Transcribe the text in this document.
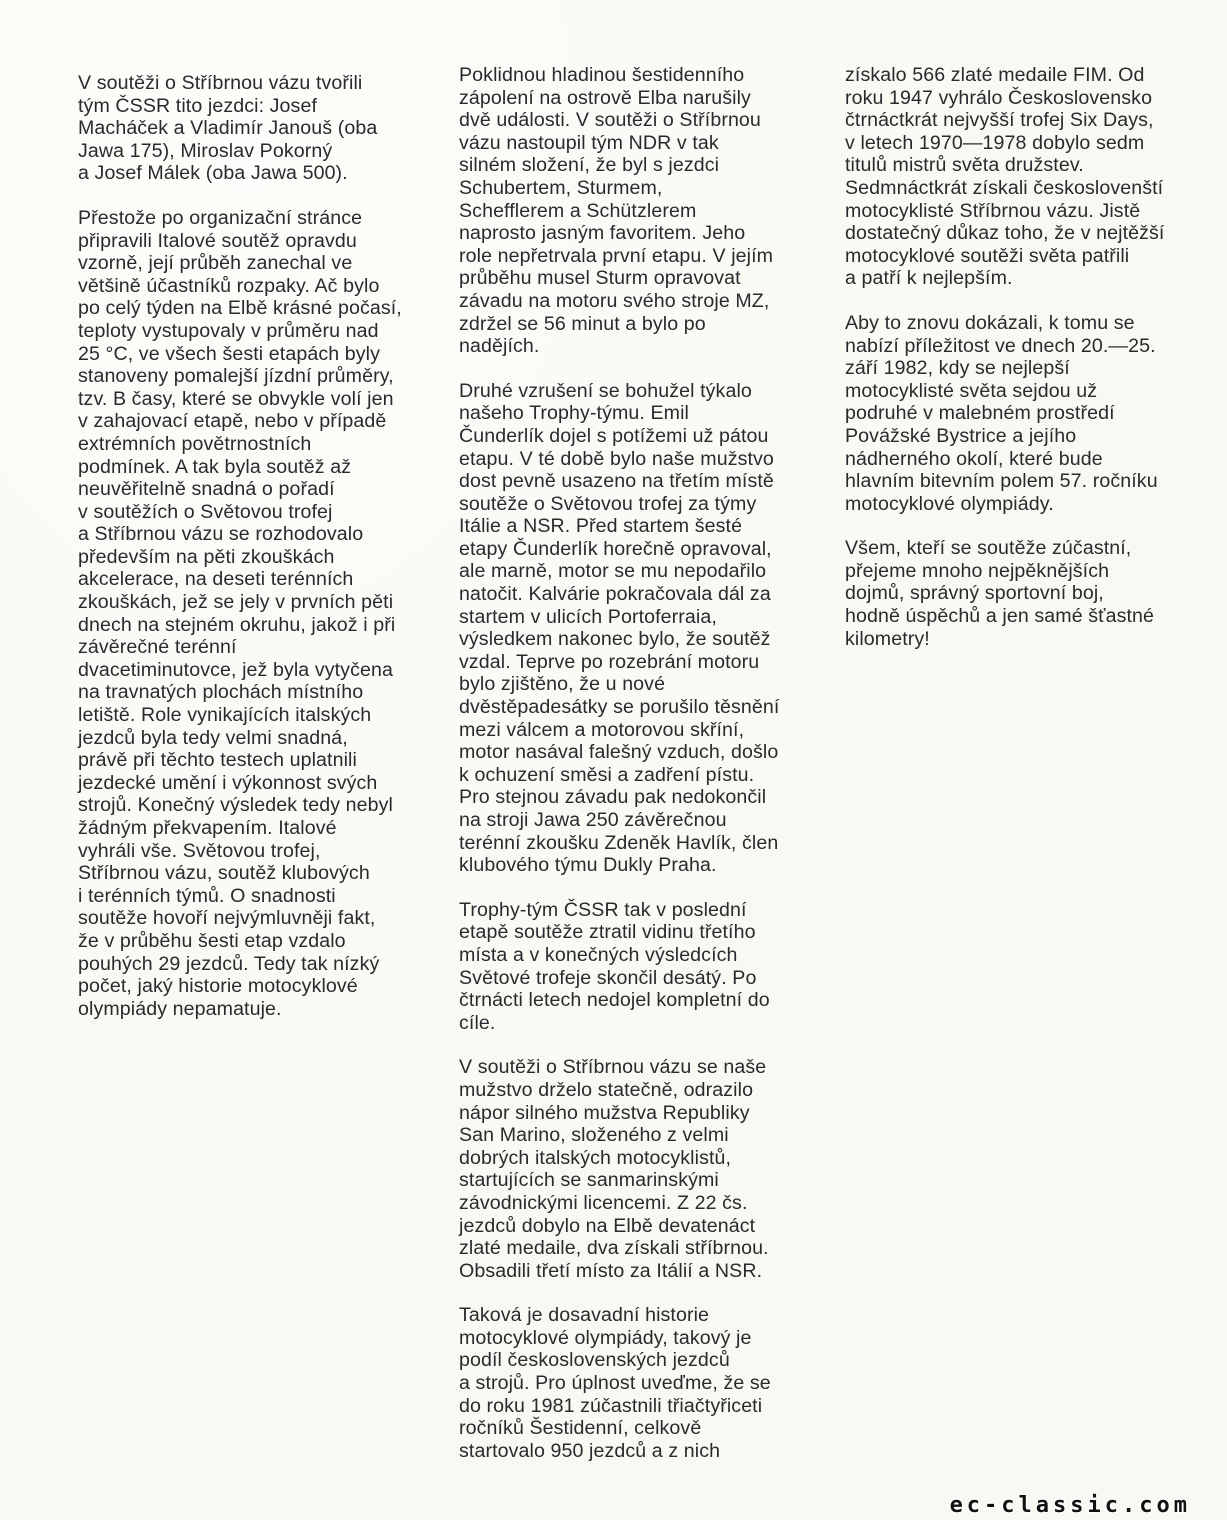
V soutěži o Stříbrnou vázu tvořili
tým ČSSR tito jezdci: Josef
Macháček a Vladimír Janouš (oba
Jawa 175), Miroslav Pokorný
a Josef Málek (oba Jawa 500).

Přestože po organizační stránce
připravili Italové soutěž opravdu
vzorně, její průběh zanechal ve
většině účastníků rozpaky. Ač bylo
po celý týden na Elbě krásné počasí,
teploty vystupovaly v průměru nad
25 °C, ve všech šesti etapách byly
stanoveny pomalejší jízdní průměry,
tzv. B časy, které se obvykle volí jen
v zahajovací etapě, nebo v případě
extrémních povětrnostních
podmínek. A tak byla soutěž až
neuvěřitelně snadná o pořadí
v soutěžích o Světovou trofej
a Stříbrnou vázu se rozhodovalo
především na pěti zkouškách
akcelerace, na deseti terénních
zkouškách, jež se jely v prvních pěti
dnech na stejném okruhu, jakož i při
závěrečné terénní
dvacetiminutovce, jež byla vytyčena
na travnatých plochách místního
letiště. Role vynikajících italských
jezdců byla tedy velmi snadná,
právě při těchto testech uplatnili
jezdecké umění i výkonnost svých
strojů. Konečný výsledek tedy nebyl
žádným překvapením. Italové
vyhráli vše. Světovou trofej,
Stříbrnou vázu, soutěž klubových
i terénních týmů. O snadnosti
soutěže hovoří nejvýmluvněji fakt,
že v průběhu šesti etap vzdalo
pouhých 29 jezdců. Tedy tak nízký
počet, jaký historie motocyklové
olympiády nepamatuje.

Poklidnou hladinou šestidenního
zápolení na ostrově Elba narušily
dvě události. V soutěži o Stříbrnou
vázu nastoupil tým NDR v tak
silném složení, že byl s jezdci
Schubertem, Sturmem,
Schefflerem a Schützlerem
naprosto jasným favoritem. Jeho
role nepřetrvala první etapu. V jejím
průběhu musel Sturm opravovat
závadu na motoru svého stroje MZ,
zdržel se 56 minut a bylo po
nadějích.

Druhé vzrušení se bohužel týkalo
našeho Trophy-týmu. Emil
Čunderlík dojel s potížemi už pátou
etapu. V té době bylo naše mužstvo
dost pevně usazeno na třetím místě
soutěže o Světovou trofej za týmy
Itálie a NSR. Před startem šesté
etapy Čunderlík horečně opravoval,
ale marně, motor se mu nepodařilo
natočit. Kalvárie pokračovala dál za
startem v ulicích Portoferraia,
výsledkem nakonec bylo, že soutěž
vzdal. Teprve po rozebrání motoru
bylo zjištěno, že u nové
dvěstěpadesátky se porušilo těsnění
mezi válcem a motorovou skříní,
motor nasával falešný vzduch, došlo
k ochuzení směsi a zadření pístu.
Pro stejnou závadu pak nedokončil
na stroji Jawa 250 závěrečnou
terénní zkoušku Zdeněk Havlík, člen
klubového týmu Dukly Praha.

Trophy-tým ČSSR tak v poslední
etapě soutěže ztratil vidinu třetího
místa a v konečných výsledcích
Světové trofeje skončil desátý. Po
čtrnácti letech nedojel kompletní do
cíle.

V soutěži o Stříbrnou vázu se naše
mužstvo drželo statečně, odrazilo
nápor silného mužstva Republiky
San Marino, složeného z velmi
dobrých italských motocyklistů,
startujících se sanmarinskými
závodnickými licencemi. Z 22 čs.
jezdců dobylo na Elbě devatenáct
zlaté medaile, dva získali stříbrnou.
Obsadili třetí místo za Itálií a NSR.

Taková je dosavadní historie
motocyklové olympiády, takový je
podíl československých jezdců
a strojů. Pro úplnost uveďme, že se
do roku 1981 zúčastnili třiačtyřiceti
ročníků Šestidenní, celkově
startovalo 950 jezdců a z nich

získalo 566 zlaté medaile FIM. Od
roku 1947 vyhrálo Československo
čtrnáctkrát nejvyšší trofej Six Days,
v letech 1970—1978 dobylo sedm
titulů mistrů světa družstev.
Sedmnáctkrát získali českoslovenští
motocyklisté Stříbrnou vázu. Jistě
dostatečný důkaz toho, že v nejtěžší
motocyklové soutěži světa patřili
a patří k nejlepším.

Aby to znovu dokázali, k tomu se
nabízí příležitost ve dnech 20.—25.
září 1982, kdy se nejlepší
motocyklisté světa sejdou už
podruhé v malebném prostředí
Povážské Bystrice a jejího
nádherného okolí, které bude
hlavním bitevním polem 57. ročníku
motocyklové olympiády.

Všem, kteří se soutěže zúčastní,
přejeme mnoho nejpěknějších
dojmů, správný sportovní boj,
hodně úspěchů a jen samé šťastné
kilometry!

ec-classic.com
